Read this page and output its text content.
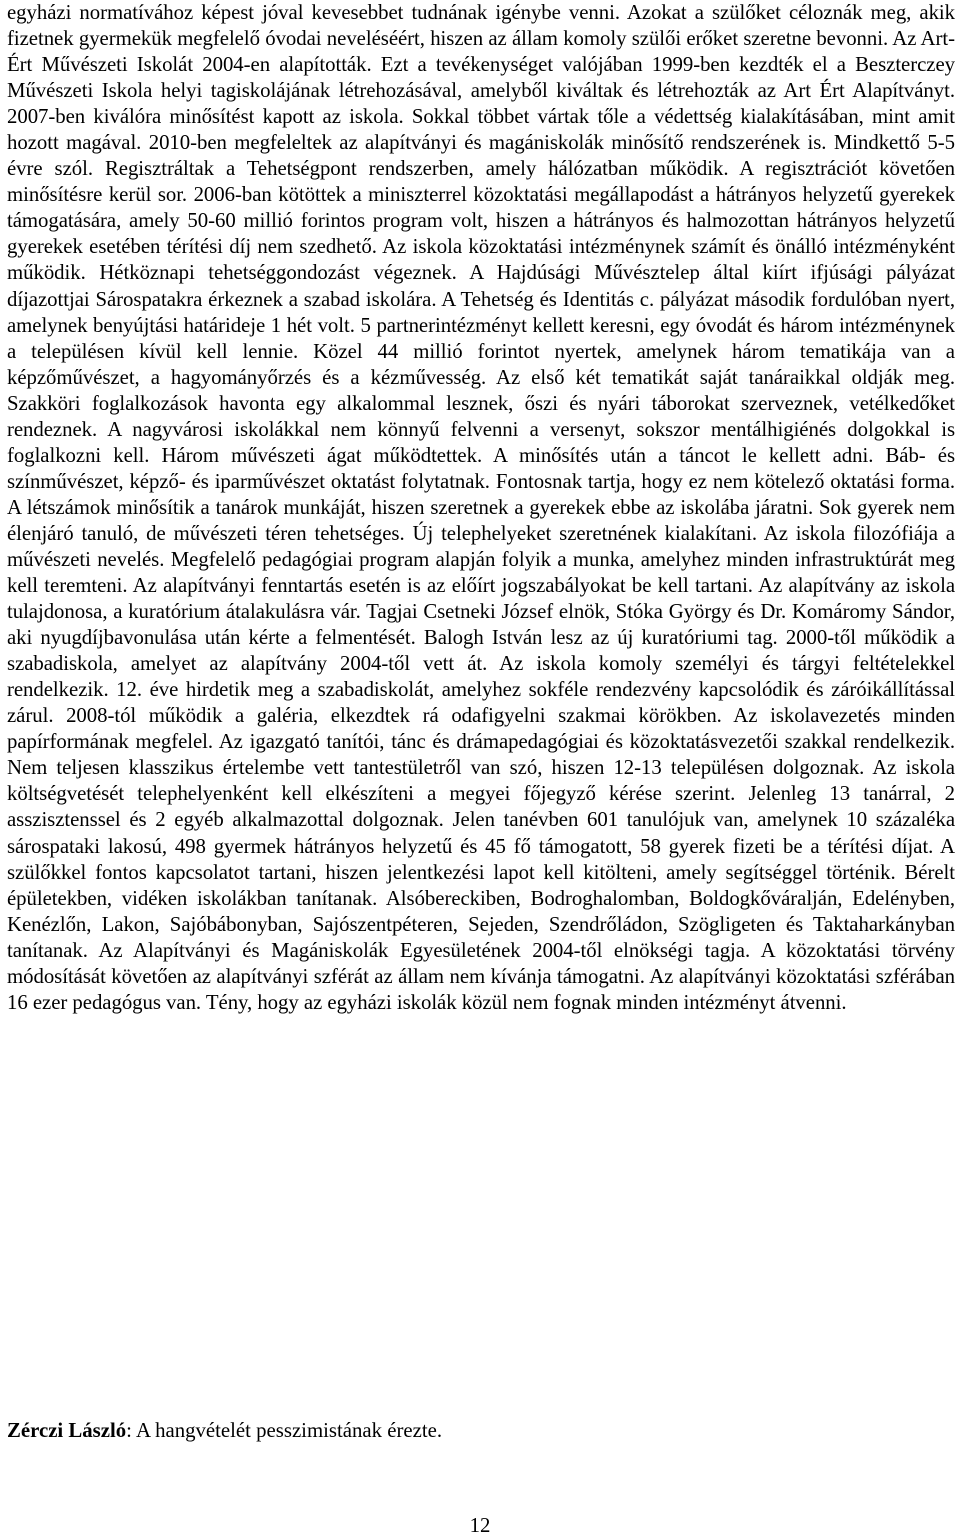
egyházi normatívához képest jóval kevesebbet tudnának igénybe venni. Azokat a szülőket céloznák meg, akik fizetnek gyermekük megfelelő óvodai neveléséért, hiszen az állam komoly szülői erőket szeretne bevonni. Az Art-Ért Művészeti Iskolát 2004-en alapították. Ezt a tevékenységet valójában 1999-ben kezdték el a Beszterczey Művészeti Iskola helyi tagiskolájának létrehozásával, amelyből kiváltak és létrehozták az Art Ért Alapítványt. 2007-ben kiválóra minősítést kapott az iskola. Sokkal többet vártak tőle a védettség kialakításában, mint amit hozott magával. 2010-ben megfeleltek az alapítványi és magániskolák minősítő rendszerének is. Mindkettő 5-5 évre szól. Regisztráltak a Tehetségpont rendszerben, amely hálózatban működik. A regisztrációt követően minősítésre kerül sor. 2006-ban kötöttek a miniszterrel közoktatási megállapodást a hátrányos helyzetű gyerekek támogatására, amely 50-60 millió forintos program volt, hiszen a hátrányos és halmozottan hátrányos helyzetű gyerekek esetében térítési díj nem szedhető. Az iskola közoktatási intézménynek számít és önálló intézményként működik. Hétköznapi tehetséggondozást végeznek. A Hajdúsági Művésztelep által kiírt ifjúsági pályázat díjazottjai Sárospatakra érkeznek a szabad iskolára. A Tehetség és Identitás c. pályázat második fordulóban nyert, amelynek benyújtási határideje 1 hét volt. 5 partnerintézményt kellett keresni, egy óvodát és három intézménynek a településen kívül kell lennie. Közel 44 millió forintot nyertek, amelynek három tematikája van a képzőművészet, a hagyományőrzés és a kézművesség. Az első két tematikát saját tanáraikkal oldják meg. Szakköri foglalkozások havonta egy alkalommal lesznek, őszi és nyári táborokat szerveznek, vetélkedőket rendeznek. A nagyvárosi iskolákkal nem könnyű felvenni a versenyt, sokszor mentálhigiénés dolgokkal is foglalkozni kell. Három művészeti ágat működtettek. A minősítés után a táncot le kellett adni. Báb- és színművészet, képző- és iparművészet oktatást folytatnak. Fontosnak tartja, hogy ez nem kötelező oktatási forma. A létszámok minősítik a tanárok munkáját, hiszen szeretnek a gyerekek ebbe az iskolába járatni. Sok gyerek nem élenjáró tanuló, de művészeti téren tehetséges. Új telephelyeket szeretnének kialakítani. Az iskola filozófiája a művészeti nevelés. Megfelelő pedagógiai program alapján folyik a munka, amelyhez minden infrastruktúrát meg kell teremteni. Az alapítványi fenntartás esetén is az előírt jogszabályokat be kell tartani. Az alapítvány az iskola tulajdonosa, a kuratórium átalakulásra vár. Tagjai Csetneki József elnök, Stóka György és Dr. Komáromy Sándor, aki nyugdíjbavonulása után kérte a felmentését. Balogh István lesz az új kuratóriumi tag. 2000-től működik a szabadiskola, amelyet az alapítvány 2004-től vett át. Az iskola komoly személyi és tárgyi feltételekkel rendelkezik. 12. éve hirdetik meg a szabadiskolát, amelyhez sokféle rendezvény kapcsolódik és záróikállítással zárul. 2008-tól működik a galéria, elkezdtek rá odafigyelni szakmai körökben. Az iskolavezetés minden papírformának megfelel. Az igazgató tanítói, tánc és drámapedagógiai és közoktatásvezetői szakkal rendelkezik. Nem teljesen klasszikus értelembe vett tantestületről van szó, hiszen 12-13 településen dolgoznak. Az iskola költségvetését telephelyenként kell elkészíteni a megyei főjegyző kérése szerint. Jelenleg 13 tanárral, 2 asszisztenssel és 2 egyéb alkalmazottal dolgoznak. Jelen tanévben 601 tanulójuk van, amelynek 10 százaléka sárospataki lakosú, 498 gyermek hátrányos helyzetű és 45 fő támogatott, 58 gyerek fizeti be a térítési díjat. A szülőkkel fontos kapcsolatot tartani, hiszen jelentkezési lapot kell kitölteni, amely segítséggel történik. Bérelt épületekben, vidéken iskolákban tanítanak. Alsóbereckiben, Bodroghalomban, Boldogkőváralján, Edelényben, Kenézlőn, Lakon, Sajóbábonyban, Sajószentpéteren, Sejeden, Szendrőládon, Szögligeten és Taktaharkányban tanítanak. Az Alapítványi és Magániskolák Egyesületének 2004-től elnökségi tagja. A közoktatási törvény módosítását követően az alapítványi szférát az állam nem kívánja támogatni. Az alapítványi közoktatási szférában 16 ezer pedagógus van. Tény, hogy az egyházi iskolák közül nem fognak minden intézményt átvenni.

Zérczi László: A hangvételét pesszimistának érezte.

12
